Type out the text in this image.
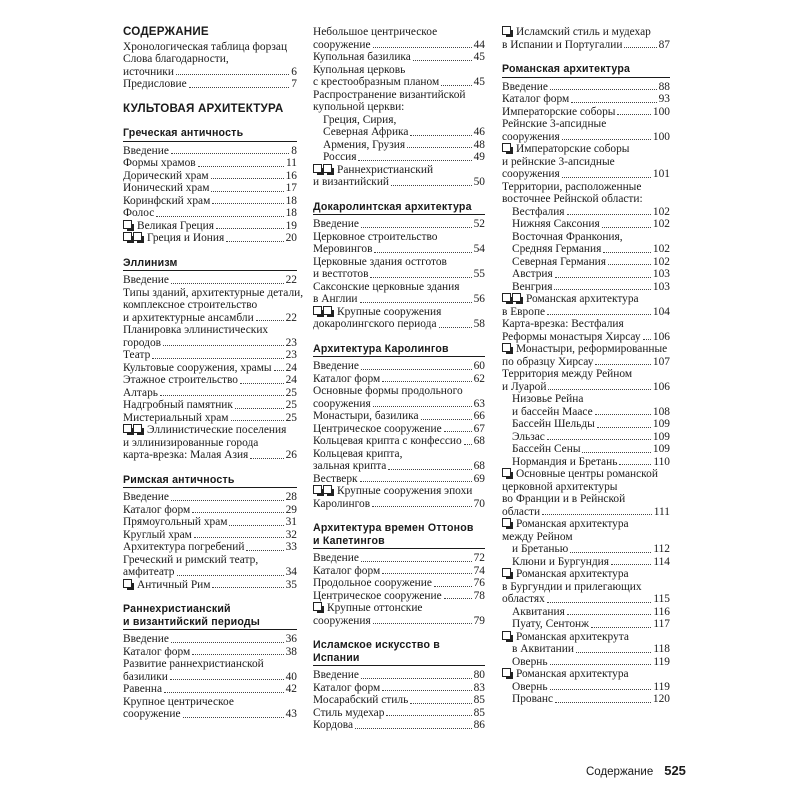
СОДЕРЖАНИЕ
Хронологическая таблица форзац
Слова благодарности,
источники	6
Предисловие	7
КУЛЬТОВАЯ АРХИТЕКТУРА
Греческая античность
Введение	8
Формы храмов	11
Дорический храм	16
Ионический храм	17
Коринфский храм	18
Фолос	18
Великая Греция	19
Греция и Иония	20
Эллинизм
Введение	22
Типы зданий, архитектурные детали,
комплексное строительство
и архитектурные ансамбли	22
Планировка эллинистических
городов	23
Театр	23
Культовые сооружения, храмы 24
Этажное строительство	24
Алтарь	25
Надгробный памятник	25
Мистериальный храм	25
Эллинистические поселения
и эллинизированные города
карта-врезка: Малая Азия	26
Римская античность
Введение	28
Каталог форм	29
Прямоугольный храм	31
Круглый храм	32
Архитектура погребений	33
Греческий и римский театр,
амфитеатр	34
Античный Рим	35
Раннехристианский
и византийский периоды
Введение	36
Каталог форм	38
Развитие раннехристианской
базилики	40
Равенна	42
Крупное центрическое
сооружение	43
Небольшое центрическое
сооружение	44
Купольная базилика	45
Купольная церковь
с крестообразным планом	45
Распространение византийской
купольной церкви:
Греция, Сирия,
Северная Африка	46
Армения, Грузия	48
Россия	49
Раннехристианский
и византийский	50
Докаролинтская архитектура
Введение	52
Церковное строительство
Меровингов	54
Церковные здания остготов
и вестготов	55
Саксонские церковные здания
в Англии	56
Крупные сооружения
докаролингского периода	58
Архитектура Каролингов
Введение	60
Каталог форм	62
Основные формы продольного
сооружения	63
Монастыри, базилика	66
Центрическое сооружение	67
Кольцевая крипта с конфессио 68
Кольцевая крипта,
зальная крипта	68
Вестверк	69
Крупные сооружения эпохи
Каролингов	70
Архитектура времен Оттонов
и Капетингов
Введение	72
Каталог форм	74
Продольное сооружение	76
Центрическое сооружение	78
Крупные оттонские
сооружения	79
Исламское искусство в Испании
Введение	80
Каталог форм	83
Мосарабский стиль	85
Стиль мудехар	85
Кордова	86
Исламский стиль и мудехар
в Испании и Португалии	87
Романская архитектура
Введение	88
Каталог форм	93
Императорские соборы	100
Рейнские 3-апсидные
сооружения	100
Императорские соборы
и рейнские 3-апсидные
сооружения	101
Территории, расположенные
восточнее Рейнской области:
Вестфалия	102
Нижняя Саксония	102
Восточная Франкония,
Средняя Германия	102
Северная Германия	102
Австрия	103
Венгрия	103
Романская архитектура
в Европе	104
Карта-врезка: Вестфалия
Реформы монастыря Хирсау 106
Монастыри, реформированные
по образцу Хирсау	107
Территория между Рейном
и Луарой	106
Низовье Рейна
и бассейн Маасе	108
Бассейн Шельды	109
Эльзас	109
Бассейн Сены	109
Нормандия и Бретань	110
Основные центры романской
церковной архитектуры
во Франции и в Рейнской
области	111
Романская архитектура
между Рейном
и Бретанью	112
Клюни и Бургундия	114
Романская архитектура
в Бургундии и прилегающих
областях	115
Аквитания	116
Пуату, Сентонж	117
Романская архитекрута
в Аквитании	118
Овернь	119
Романская архитектура
Овернь	119
Прованс	120
Содержание 525
